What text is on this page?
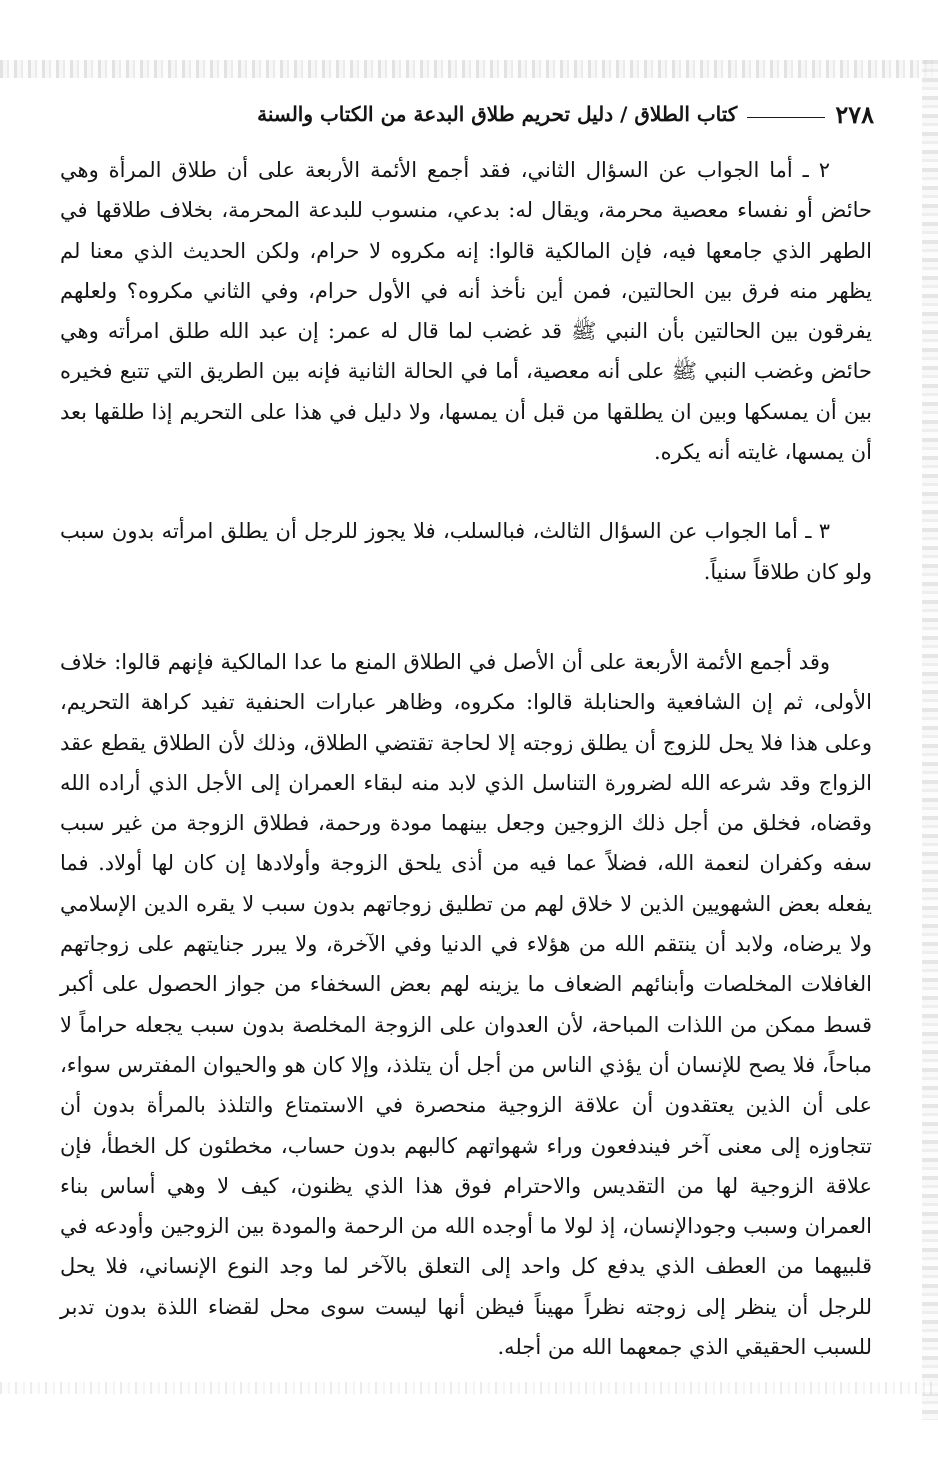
٢٧٨
كتاب الطلاق / دليل تحريم طلاق البدعة من الكتاب والسنة

٢ ـ أما الجواب عن السؤال الثاني، فقد أجمع الأئمة الأربعة على أن طلاق المرأة وهي حائض أو نفساء معصية محرمة، ويقال له: بدعي، منسوب للبدعة المحرمة، بخلاف طلاقها في الطهر الذي جامعها فيه، فإن المالكية قالوا: إنه مكروه لا حرام، ولكن الحديث الذي معنا لم يظهر منه فرق بين الحالتين، فمن أين نأخذ أنه في الأول حرام، وفي الثاني مكروه؟ ولعلهم يفرقون بين الحالتين بأن النبي ﷺ قد غضب لما قال له عمر: إن عبد الله طلق امرأته وهي حائض وغضب النبي ﷺ على أنه معصية، أما في الحالة الثانية فإنه بين الطريق التي تتبع فخيره بين أن يمسكها وبين ان يطلقها من قبل أن يمسها، ولا دليل في هذا على التحريم إذا طلقها بعد أن يمسها، غايته أنه يكره.

٣ ـ أما الجواب عن السؤال الثالث، فبالسلب، فلا يجوز للرجل أن يطلق امرأته بدون سبب ولو كان طلاقاً سنياً.

وقد أجمع الأئمة الأربعة على أن الأصل في الطلاق المنع ما عدا المالكية فإنهم قالوا: خلاف الأولى، ثم إن الشافعية والحنابلة قالوا: مكروه، وظاهر عبارات الحنفية تفيد كراهة التحريم، وعلى هذا فلا يحل للزوج أن يطلق زوجته إلا لحاجة تقتضي الطلاق، وذلك لأن الطلاق يقطع عقد الزواج وقد شرعه الله لضرورة التناسل الذي لابد منه لبقاء العمران إلى الأجل الذي أراده الله وقضاه، فخلق من أجل ذلك الزوجين وجعل بينهما مودة ورحمة، فطلاق الزوجة من غير سبب سفه وكفران لنعمة الله، فضلاً عما فيه من أذى يلحق الزوجة وأولادها إن كان لها أولاد. فما يفعله بعض الشهويين الذين لا خلاق لهم من تطليق زوجاتهم بدون سبب لا يقره الدين الإسلامي ولا يرضاه، ولابد أن ينتقم الله من هؤلاء في الدنيا وفي الآخرة، ولا يبرر جنايتهم على زوجاتهم الغافلات المخلصات وأبنائهم الضعاف ما يزينه لهم بعض السخفاء من جواز الحصول على أكبر قسط ممكن من اللذات المباحة، لأن العدوان على الزوجة المخلصة بدون سبب يجعله حراماً لا مباحاً، فلا يصح للإنسان أن يؤذي الناس من أجل أن يتلذذ، وإلا كان هو والحيوان المفترس سواء، على أن الذين يعتقدون أن علاقة الزوجية منحصرة في الاستمتاع والتلذذ بالمرأة بدون أن تتجاوزه إلى معنى آخر فيندفعون وراء شهواتهم كالبهم بدون حساب، مخطئون كل الخطأ، فإن علاقة الزوجية لها من التقديس والاحترام فوق هذا الذي يظنون، كيف لا وهي أساس بناء العمران وسبب وجودالإنسان، إذ لولا ما أوجده الله من الرحمة والمودة بين الزوجين وأودعه في قلبيهما من العطف الذي يدفع كل واحد إلى التعلق بالآخر لما وجد النوع الإنساني، فلا يحل للرجل أن ينظر إلى زوجته نظراً مهيناً فيظن أنها ليست سوى محل لقضاء اللذة بدون تدبر للسبب الحقيقي الذي جمعهما الله من أجله.
